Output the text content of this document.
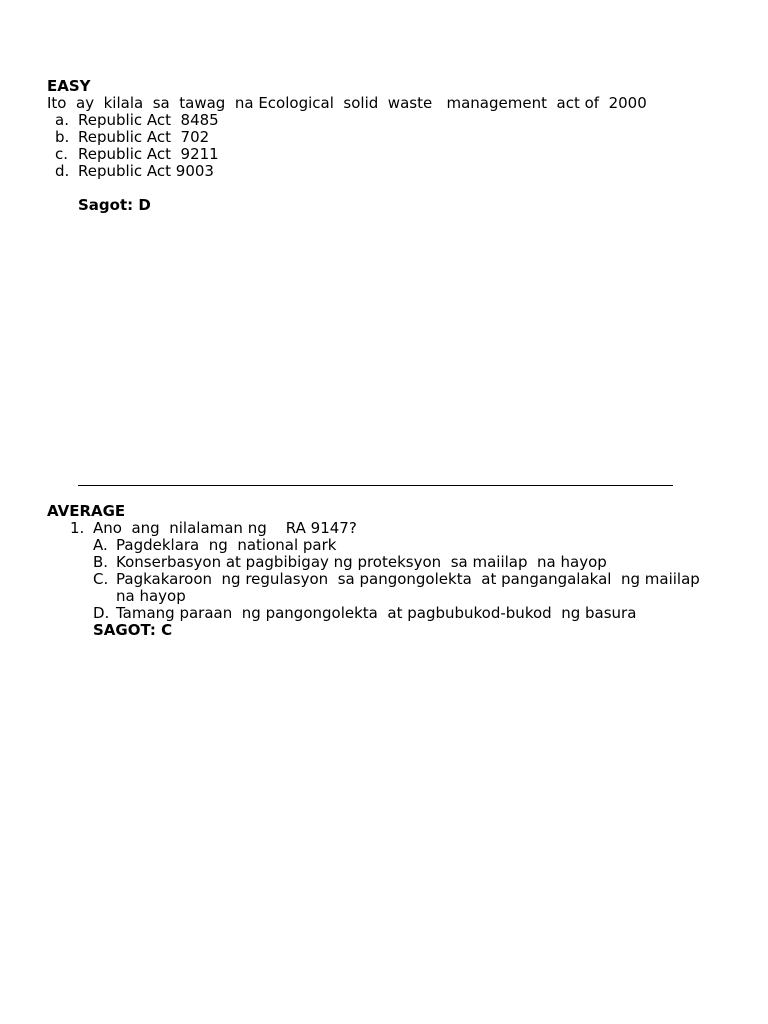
EASY
Ito  ay  kilala  sa  tawag  na Ecological  solid  waste   management  act of  2000
a. Republic Act  8485
b. Republic Act  702
c. Republic Act  9211
d. Republic Act 9003
Sagot: D
AVERAGE
1. Ano  ang  nilalaman ng    RA 9147?
A. Pagdeklara  ng  national park
B. Konserbasyon at pagbibigay ng proteksyon  sa maiilap  na hayop
C. Pagkakaroon  ng regulasyon  sa pangongolekta  at pangangalakal  ng maiilap
na hayop
D. Tamang paraan  ng pangongolekta  at pagbubukod-bukod  ng basura
SAGOT: C
